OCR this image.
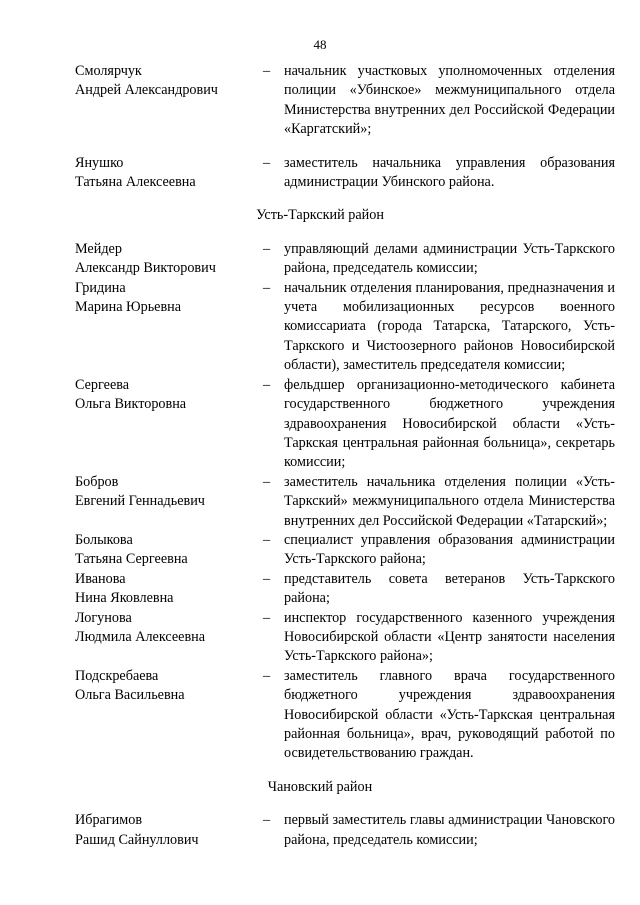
48
Смолярчук
Андрей Александрович
– начальник участковых уполномоченных отделения полиции «Убинское» межмуниципального отдела Министерства внутренних дел Российской Федерации «Каргатский»;
Янушко
Татьяна Алексеевна
– заместитель начальника управления образования администрации Убинского района.
Усть-Таркский район
Мейдер
Александр Викторович
– управляющий делами администрации Усть-Таркского района, председатель комиссии;
Гридина
Марина Юрьевна
– начальник отделения планирования, предназначения и учета мобилизационных ресурсов военного комиссариата (города Татарска, Татарского, Усть-Таркского и Чистоозерного районов Новосибирской области), заместитель председателя комиссии;
Сергеева
Ольга Викторовна
– фельдшер организационно-методического кабинета государственного бюджетного учреждения здравоохранения Новосибирской области «Усть-Таркская центральная районная больница», секретарь комиссии;
Бобров
Евгений Геннадьевич
– заместитель начальника отделения полиции «Усть-Таркский» межмуниципального отдела Министерства внутренних дел Российской Федерации «Татарский»;
Болыкова
Татьяна Сергеевна
– специалист управления образования администрации Усть-Таркского района;
Иванова
Нина Яковлевна
– представитель совета ветеранов Усть-Таркского района;
Логунова
Людмила Алексеевна
– инспектор государственного казенного учреждения Новосибирской области «Центр занятости населения Усть-Таркского района»;
Подскребаева
Ольга Васильевна
– заместитель главного врача государственного бюджетного учреждения здравоохранения Новосибирской области «Усть-Таркская центральная районная больница», врач, руководящий работой по освидетельствованию граждан.
Чановский район
Ибрагимов
Рашид Сайнуллович
– первый заместитель главы администрации Чановского района, председатель комиссии;
